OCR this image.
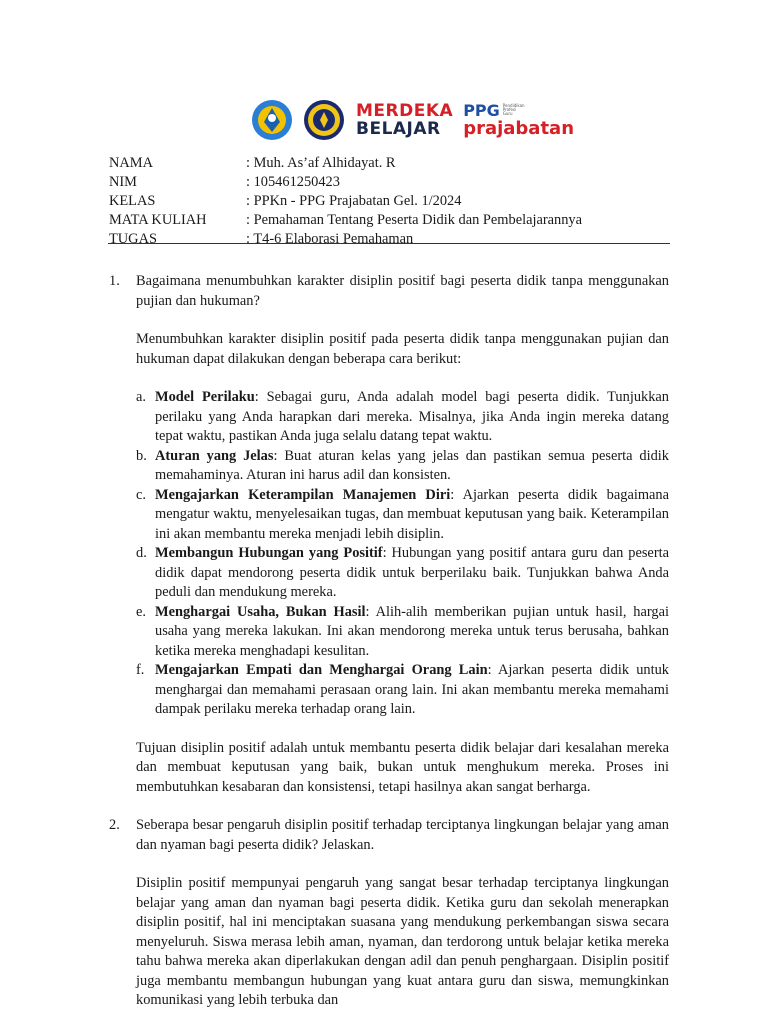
MERDEKA
BELAJAR
PPG Pendidikan Profesi Guru
prajabatan
NAMA	: Muh. As’af Alhidayat. R
NIM	: 105461250423
KELAS	: PPKn - PPG Prajabatan Gel. 1/2024
MATA KULIAH	: Pemahaman Tentang Peserta Didik dan Pembelajarannya
TUGAS	: T4-6 Elaborasi Pemahaman
1.	Bagaimana menumbuhkan karakter disiplin positif bagi peserta didik tanpa menggunakan pujian dan hukuman?
Menumbuhkan karakter disiplin positif pada peserta didik tanpa menggunakan pujian dan hukuman dapat dilakukan dengan beberapa cara berikut:
a. Model Perilaku: Sebagai guru, Anda adalah model bagi peserta didik. Tunjukkan perilaku yang Anda harapkan dari mereka. Misalnya, jika Anda ingin mereka datang tepat waktu, pastikan Anda juga selalu datang tepat waktu.
b. Aturan yang Jelas: Buat aturan kelas yang jelas dan pastikan semua peserta didik memahaminya. Aturan ini harus adil dan konsisten.
c. Mengajarkan Keterampilan Manajemen Diri: Ajarkan peserta didik bagaimana mengatur waktu, menyelesaikan tugas, dan membuat keputusan yang baik. Keterampilan ini akan membantu mereka menjadi lebih disiplin.
d. Membangun Hubungan yang Positif: Hubungan yang positif antara guru dan peserta didik dapat mendorong peserta didik untuk berperilaku baik. Tunjukkan bahwa Anda peduli dan mendukung mereka.
e. Menghargai Usaha, Bukan Hasil: Alih-alih memberikan pujian untuk hasil, hargai usaha yang mereka lakukan. Ini akan mendorong mereka untuk terus berusaha, bahkan ketika mereka menghadapi kesulitan.
f. Mengajarkan Empati dan Menghargai Orang Lain: Ajarkan peserta didik untuk menghargai dan memahami perasaan orang lain. Ini akan membantu mereka memahami dampak perilaku mereka terhadap orang lain.
Tujuan disiplin positif adalah untuk membantu peserta didik belajar dari kesalahan mereka dan membuat keputusan yang baik, bukan untuk menghukum mereka. Proses ini membutuhkan kesabaran dan konsistensi, tetapi hasilnya akan sangat berharga.
2.	Seberapa besar pengaruh disiplin positif terhadap terciptanya lingkungan belajar yang aman dan nyaman bagi peserta didik? Jelaskan.
Disiplin positif mempunyai pengaruh yang sangat besar terhadap terciptanya lingkungan belajar yang aman dan nyaman bagi peserta didik. Ketika guru dan sekolah menerapkan disiplin positif, hal ini menciptakan suasana yang mendukung perkembangan siswa secara menyeluruh. Siswa merasa lebih aman, nyaman, dan terdorong untuk belajar ketika mereka tahu bahwa mereka akan diperlakukan dengan adil dan penuh penghargaan. Disiplin positif juga membantu membangun hubungan yang kuat antara guru dan siswa, memungkinkan komunikasi yang lebih terbuka dan
